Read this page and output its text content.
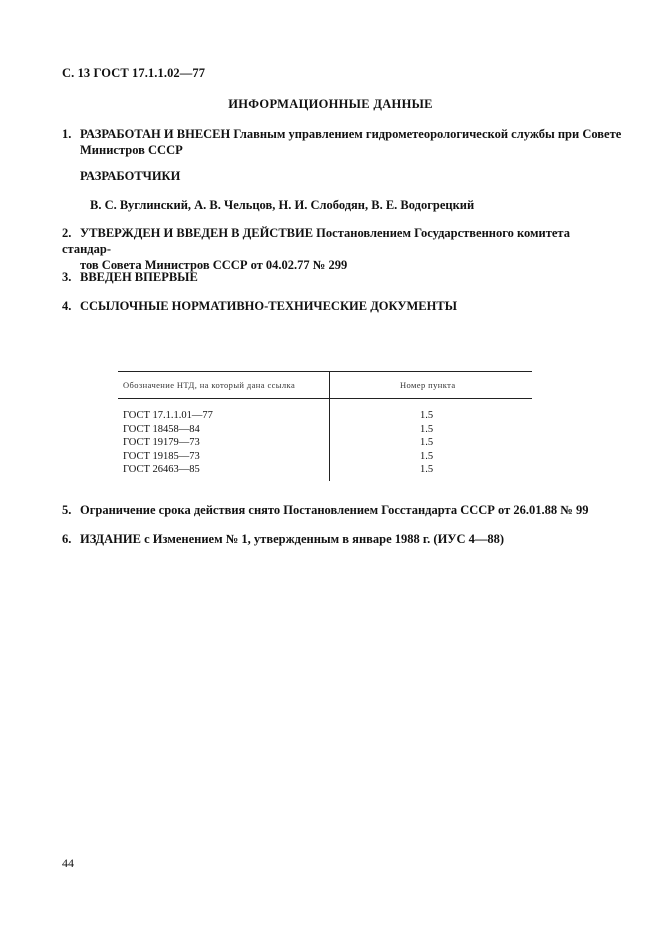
С. 13 ГОСТ 17.1.1.02—77
ИНФОРМАЦИОННЫЕ ДАННЫЕ
1. РАЗРАБОТАН И ВНЕСЕН Главным управлением гидрометеорологической службы при Совете
Министров СССР
РАЗРАБОТЧИКИ
В. С. Вуглинский, А. В. Чельцов, Н. И. Слободян, В. Е. Водогрецкий
2. УТВЕРЖДЕН И ВВЕДЕН В ДЕЙСТВИЕ Постановлением Государственного комитета стандар-
тов Совета Министров СССР от 04.02.77 № 299
3. ВВЕДЕН ВПЕРВЫЕ
4. ССЫЛОЧНЫЕ НОРМАТИВНО-ТЕХНИЧЕСКИЕ ДОКУМЕНТЫ
Обозначение НТД, на который дана ссылка	Номер пункта
ГОСТ 17.1.1.01—77	1.5
ГОСТ 18458—84	1.5
ГОСТ 19179—73	1.5
ГОСТ 19185—73	1.5
ГОСТ 26463—85	1.5
5. Ограничение срока действия снято Постановлением Госстандарта СССР от 26.01.88 № 99
6. ИЗДАНИЕ с Изменением № 1, утвержденным в январе 1988 г. (ИУС 4—88)
44
